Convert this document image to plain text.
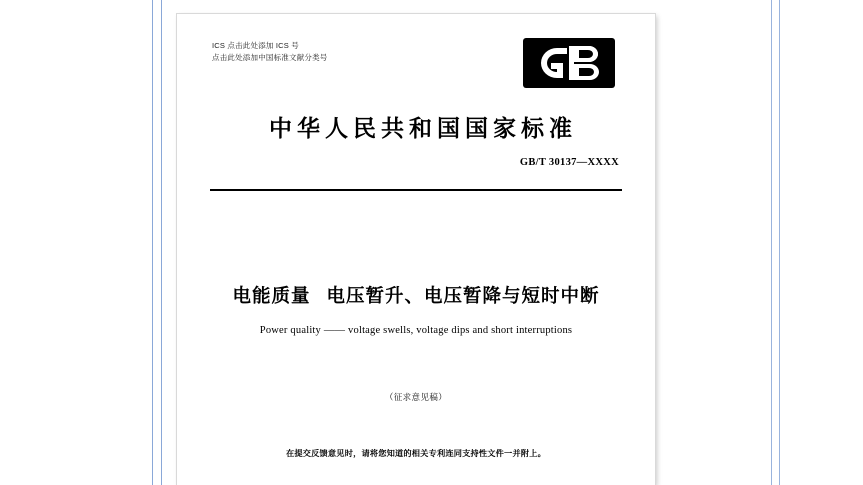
ICS 点击此处添加 ICS 号
点击此处添加中国标准文献分类号
中华人民共和国国家标准
GB/T 30137—XXXX
电能质量 电压暂升、电压暂降与短时中断
Power quality —— voltage swells, voltage dips and short interruptions
（征求意见稿）
在提交反馈意见时，请将您知道的相关专利连同支持性文件一并附上。
